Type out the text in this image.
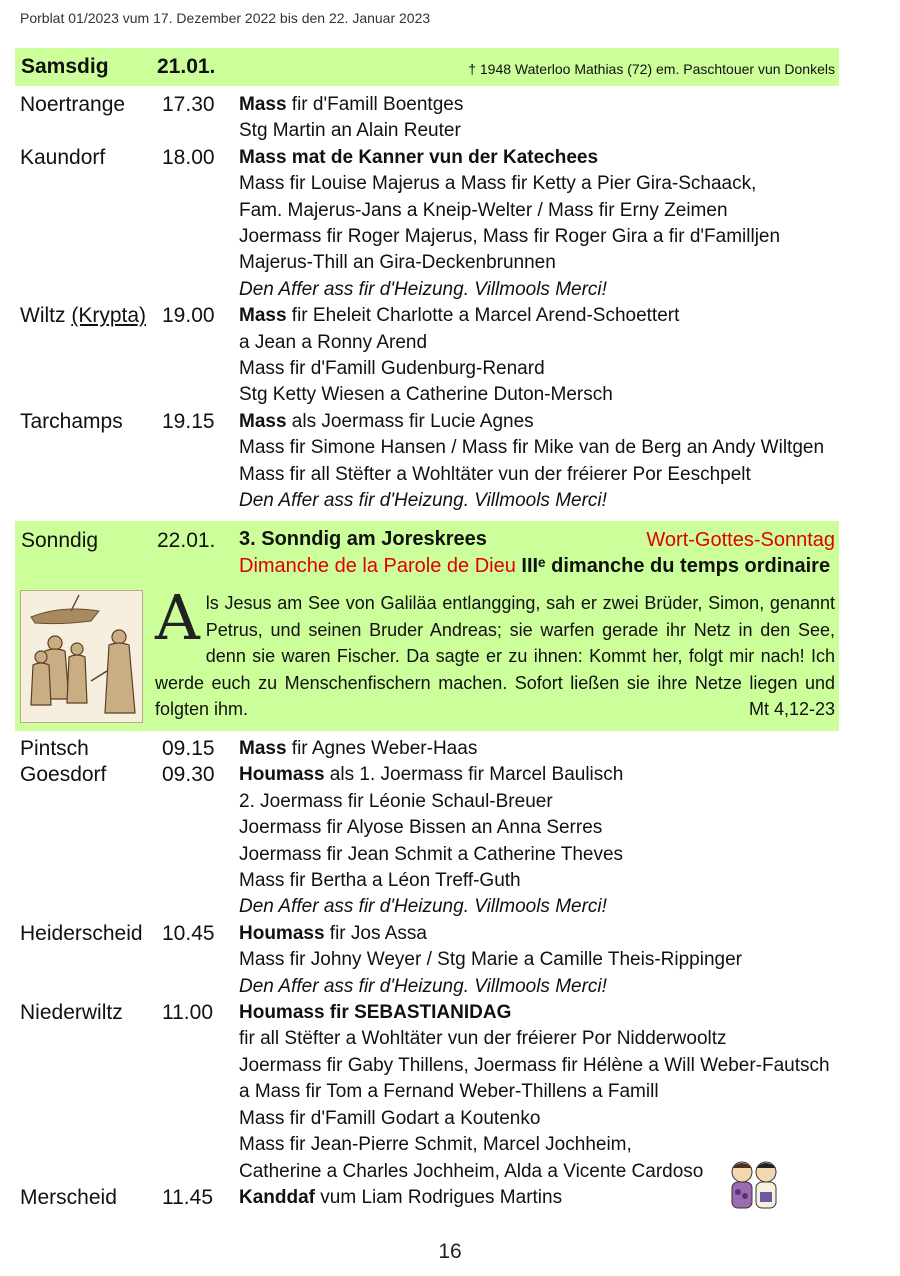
Porblat 01/2023 vum 17. Dezember 2022 bis den 22. Januar 2023
Samsdig 21.01.	† 1948 Waterloo Mathias (72) em. Paschtouer vun Donkels
Noertrange 17.30 Mass fir d'Famill Boentges
Stg Martin an Alain Reuter
Kaundorf	18.00 Mass mat de Kanner vun der Katechees
Mass fir Louise Majerus a Mass fir Ketty a Pier Gira-Schaack,
Fam. Majerus-Jans a Kneip-Welter / Mass fir Erny Zeimen
Joermass fir Roger Majerus, Mass fir Roger Gira a fir d'Familljen
Majerus-Thill an Gira-Deckenbrunnen
Den Affer ass fir d'Heizung. Villmools Merci!
Wiltz (Krypta) 19.00 Mass fir Eheleit Charlotte a Marcel Arend-Schoettert
a Jean a Ronny Arend
Mass fir d'Famill Gudenburg-Renard
Stg Ketty Wiesen a Catherine Duton-Mersch
Tarchamps 19.15 Mass als Joermass fir Lucie Agnes
Mass fir Simone Hansen / Mass fir Mike van de Berg an Andy Wiltgen
Mass fir all Stëfter a Wohltäter vun der fréierer Por Eeschpelt
Den Affer ass fir d'Heizung. Villmools Merci!
Sonndig	22.01. 3. Sonndig am Joreskrees	Wort-Gottes-Sonntag
Dimanche de la Parole de Dieu IIIᵉ dimanche du temps ordinaire
Als Jesus am See von Galiläa entlangging, sah er zwei Brüder, Simon, genannt Petrus, und seinen Bruder Andreas; sie warfen gerade ihr Netz in den See, denn sie waren Fischer. Da sagte er zu ihnen: Kommt her, folgt mir nach! Ich werde euch zu Menschenfischern machen. Sofort ließen sie ihre Netze liegen und folgten ihm.	Mt 4,12-23
Pintsch	09.15 Mass fir Agnes Weber-Haas
Goesdorf	09.30 Houmass als 1. Joermass fir Marcel Baulisch
2. Joermass fir Léonie Schaul-Breuer
Joermass fir Alyose Bissen an Anna Serres
Joermass fir Jean Schmit a Catherine Theves
Mass fir Bertha a Léon Treff-Guth
Den Affer ass fir d'Heizung. Villmools Merci!
Heiderscheid 10.45 Houmass fir Jos Assa
Mass fir Johny Weyer / Stg Marie a Camille Theis-Rippinger
Den Affer ass fir d'Heizung. Villmools Merci!
Niederwiltz 11.00 Houmass fir SEBASTIANIDAG
fir all Stëfter a Wohltäter vun der fréierer Por Nidderwooltz
Joermass fir Gaby Thillens, Joermass fir Hélène a Will Weber-Fautsch
a Mass fir Tom a Fernand Weber-Thillens a Famill
Mass fir d'Famill Godart a Koutenko
Mass fir Jean-Pierre Schmit, Marcel Jochheim,
Catherine a Charles Jochheim, Alda a Vicente Cardoso
Merscheid 11.45 Kanddaf vum Liam Rodrigues Martins
16
